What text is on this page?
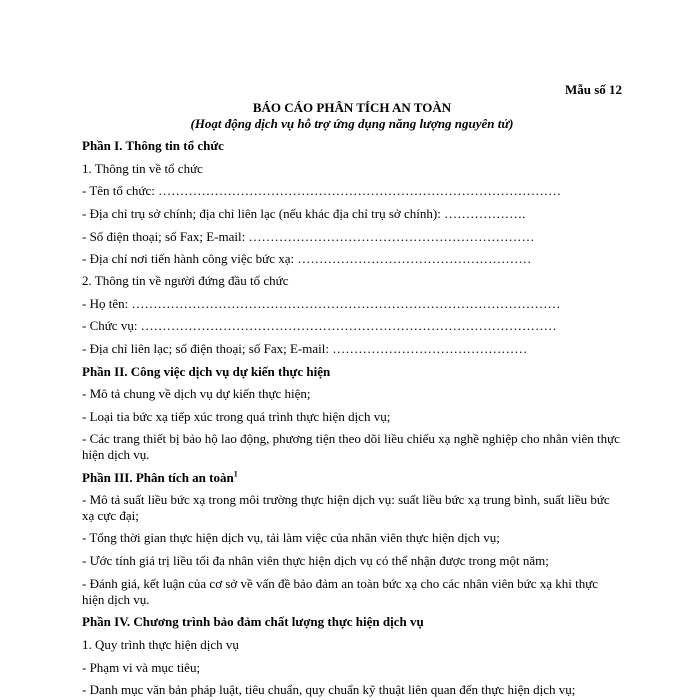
Mẫu số 12
BÁO CÁO PHÂN TÍCH AN TOÀN
(Hoạt động dịch vụ hỗ trợ ứng dụng năng lượng nguyên tử)
Phần I. Thông tin tổ chức
1. Thông tin về tổ chức
- Tên tổ chức: …………………………………………………………………………………
- Địa chỉ trụ sở chính; địa chỉ liên lạc (nếu khác địa chỉ trụ sở chính): ……………….
- Số điện thoại; số Fax; E-mail: …………………………………………………………
- Địa chỉ nơi tiến hành công việc bức xạ: ………………………………………………
2. Thông tin về người đứng đầu tổ chức
- Họ tên: ………………………………………………………………………………………
- Chức vụ: ……………………………………………………………………………………
- Địa chỉ liên lạc; số điện thoại; số Fax; E-mail: ………………………………………
Phần II. Công việc dịch vụ dự kiến thực hiện
- Mô tả chung về dịch vụ dự kiến thực hiện;
- Loại tia bức xạ tiếp xúc trong quá trình thực hiện dịch vụ;
- Các trang thiết bị bảo hộ lao động, phương tiện theo dõi liều chiếu xạ nghề nghiệp cho nhân viên thực hiện dịch vụ.
Phần III. Phân tích an toàn$^1$
- Mô tả suất liều bức xạ trong môi trường thực hiện dịch vụ: suất liều bức xạ trung bình, suất liều bức xạ cực đại;
- Tổng thời gian thực hiện dịch vụ, tải làm việc của nhân viên thực hiện dịch vụ;
- Ước tính giá trị liều tối đa nhân viên thực hiện dịch vụ có thể nhận được trong một năm;
- Đánh giá, kết luận của cơ sở về vấn đề bảo đảm an toàn bức xạ cho các nhân viên bức xạ khi thực hiện dịch vụ.
Phần IV. Chương trình bảo đảm chất lượng thực hiện dịch vụ
1. Quy trình thực hiện dịch vụ
- Phạm vi và mục tiêu;
- Danh mục văn bản pháp luật, tiêu chuẩn, quy chuẩn kỹ thuật liên quan đến thực hiện dịch vụ;
